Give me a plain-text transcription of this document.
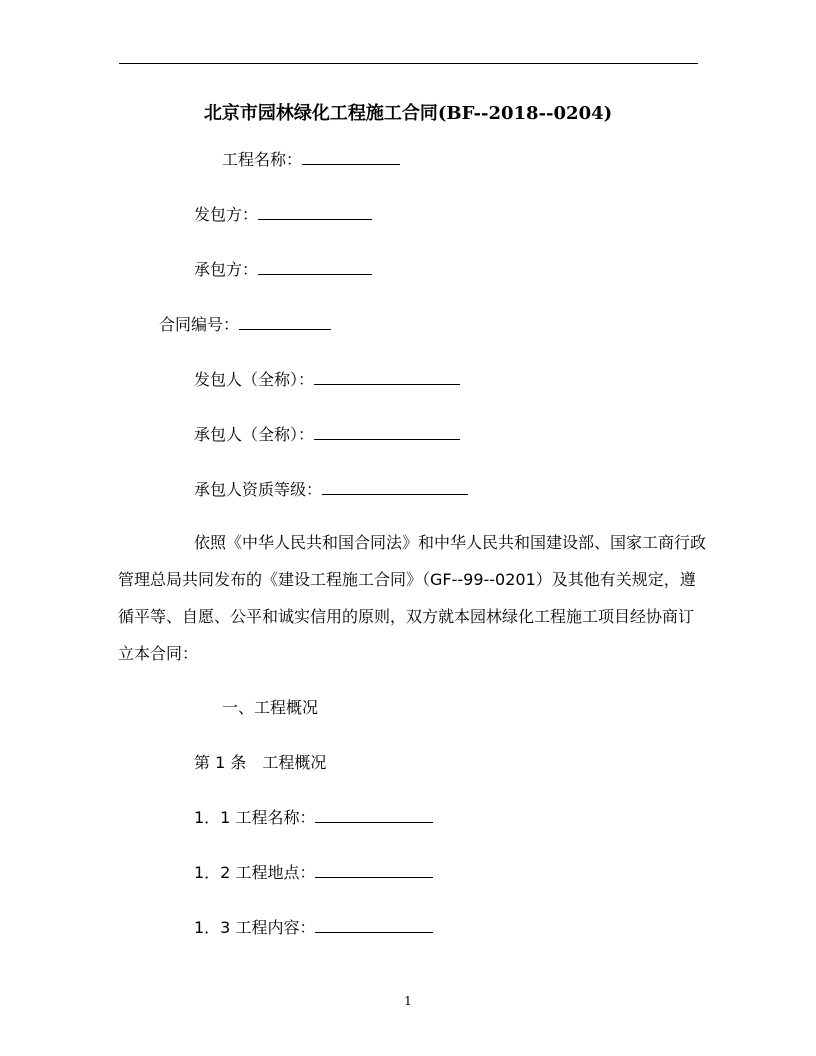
北京市园林绿化工程施工合同(BF--2018--0204)
工程名称：
发包方：
承包方：
合同编号：
发包人（全称）：
承包人（全称）：
承包人资质等级：
依照《中华人民共和国合同法》和中华人民共和国建设部、国家工商行政管理总局共同发布的《建设工程施工合同》（GF--99--0201）及其他有关规定，遵循平等、自愿、公平和诚实信用的原则，双方就本园林绿化工程施工项目经协商订立本合同：
一、工程概况
第 1 条　工程概况
1．1 工程名称：
1．2 工程地点：
1．3 工程内容：
1
